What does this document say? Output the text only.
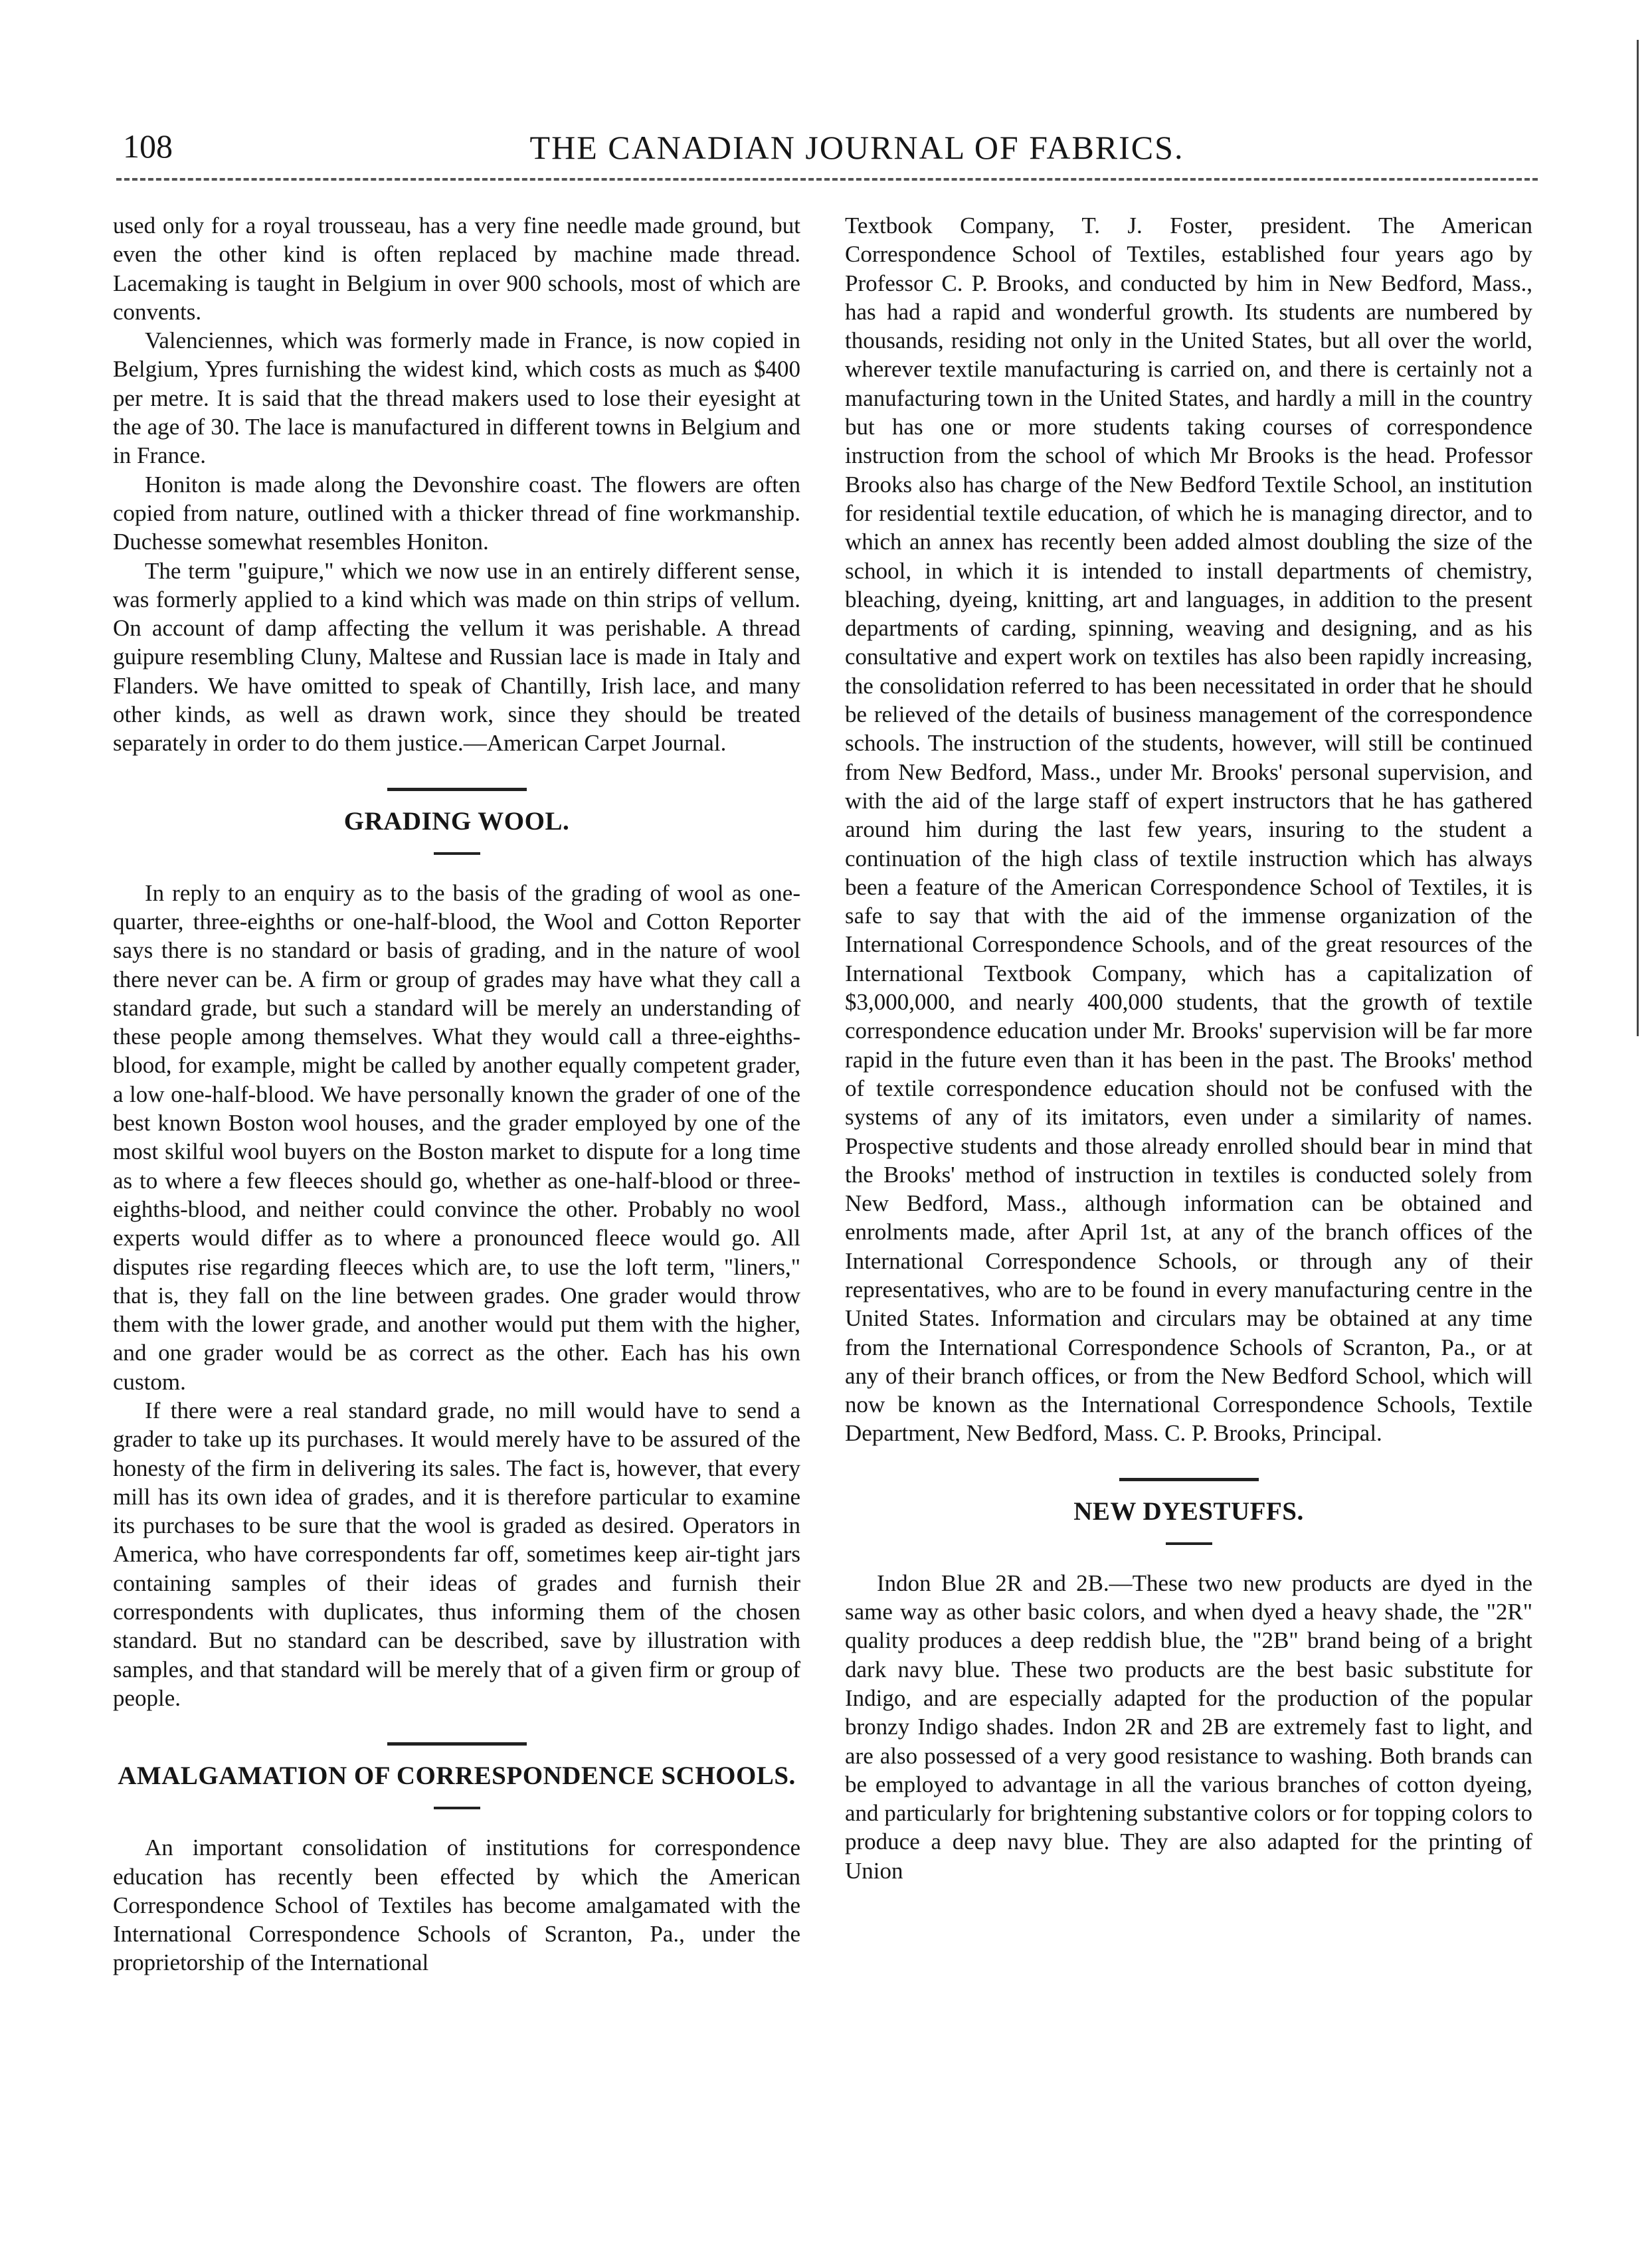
108	THE CANADIAN JOURNAL OF FABRICS.

used only for a royal trousseau, has a very fine needle made ground, but even the other kind is often replaced by machine made thread. Lacemaking is taught in Belgium in over 900 schools, most of which are convents.

Valenciennes, which was formerly made in France, is now copied in Belgium, Ypres furnishing the widest kind, which costs as much as $400 per metre. It is said that the thread makers used to lose their eyesight at the age of 30. The lace is manufactured in different towns in Belgium and in France.

Honiton is made along the Devonshire coast. The flowers are often copied from nature, outlined with a thicker thread of fine workmanship. Duchesse somewhat resembles Honiton.

The term "guipure," which we now use in an entirely different sense, was formerly applied to a kind which was made on thin strips of vellum. On account of damp affecting the vellum it was perishable. A thread guipure resembling Cluny, Maltese and Russian lace is made in Italy and Flanders. We have omitted to speak of Chantilly, Irish lace, and many other kinds, as well as drawn work, since they should be treated separately in order to do them justice.—American Carpet Journal.

GRADING WOOL.

In reply to an enquiry as to the basis of the grading of wool as one-quarter, three-eighths or one-half-blood, the Wool and Cotton Reporter says there is no standard or basis of grading, and in the nature of wool there never can be. A firm or group of grades may have what they call a standard grade, but such a standard will be merely an understanding of these people among themselves. What they would call a three-eighths-blood, for example, might be called by another equally competent grader, a low one-half-blood. We have personally known the grader of one of the best known Boston wool houses, and the grader employed by one of the most skilful wool buyers on the Boston market to dispute for a long time as to where a few fleeces should go, whether as one-half-blood or three-eighths-blood, and neither could convince the other. Probably no wool experts would differ as to where a pronounced fleece would go. All disputes rise regarding fleeces which are, to use the loft term, "liners," that is, they fall on the line between grades. One grader would throw them with the lower grade, and another would put them with the higher, and one grader would be as correct as the other. Each has his own custom.

If there were a real standard grade, no mill would have to send a grader to take up its purchases. It would merely have to be assured of the honesty of the firm in delivering its sales. The fact is, however, that every mill has its own idea of grades, and it is therefore particular to examine its purchases to be sure that the wool is graded as desired. Operators in America, who have correspondents far off, sometimes keep air-tight jars containing samples of their ideas of grades and furnish their correspondents with duplicates, thus informing them of the chosen standard. But no standard can be described, save by illustration with samples, and that standard will be merely that of a given firm or group of people.

AMALGAMATION OF CORRESPONDENCE SCHOOLS.

An important consolidation of institutions for correspondence education has recently been effected by which the American Correspondence School of Textiles has become amalgamated with the International Correspondence Schools of Scranton, Pa., under the proprietorship of the International

Textbook Company, T. J. Foster, president. The American Correspondence School of Textiles, established four years ago by Professor C. P. Brooks, and conducted by him in New Bedford, Mass., has had a rapid and wonderful growth. Its students are numbered by thousands, residing not only in the United States, but all over the world, wherever textile manufacturing is carried on, and there is certainly not a manufacturing town in the United States, and hardly a mill in the country but has one or more students taking courses of correspondence instruction from the school of which Mr Brooks is the head. Professor Brooks also has charge of the New Bedford Textile School, an institution for residential textile education, of which he is managing director, and to which an annex has recently been added almost doubling the size of the school, in which it is intended to install departments of chemistry, bleaching, dyeing, knitting, art and languages, in addition to the present departments of carding, spinning, weaving and designing, and as his consultative and expert work on textiles has also been rapidly increasing, the consolidation referred to has been necessitated in order that he should be relieved of the details of business management of the correspondence schools. The instruction of the students, however, will still be continued from New Bedford, Mass., under Mr. Brooks' personal supervision, and with the aid of the large staff of expert instructors that he has gathered around him during the last few years, insuring to the student a continuation of the high class of textile instruction which has always been a feature of the American Correspondence School of Textiles, it is safe to say that with the aid of the immense organization of the International Correspondence Schools, and of the great resources of the International Textbook Company, which has a capitalization of $3,000,000, and nearly 400,000 students, that the growth of textile correspondence education under Mr. Brooks' supervision will be far more rapid in the future even than it has been in the past. The Brooks' method of textile correspondence education should not be confused with the systems of any of its imitators, even under a similarity of names. Prospective students and those already enrolled should bear in mind that the Brooks' method of instruction in textiles is conducted solely from New Bedford, Mass., although information can be obtained and enrolments made, after April 1st, at any of the branch offices of the International Correspondence Schools, or through any of their representatives, who are to be found in every manufacturing centre in the United States. Information and circulars may be obtained at any time from the International Correspondence Schools of Scranton, Pa., or at any of their branch offices, or from the New Bedford School, which will now be known as the International Correspondence Schools, Textile Department, New Bedford, Mass. C. P. Brooks, Principal.

NEW DYESTUFFS.

Indon Blue 2R and 2B.—These two new products are dyed in the same way as other basic colors, and when dyed a heavy shade, the "2R" quality produces a deep reddish blue, the "2B" brand being of a bright dark navy blue. These two products are the best basic substitute for Indigo, and are especially adapted for the production of the popular bronzy Indigo shades. Indon 2R and 2B are extremely fast to light, and are also possessed of a very good resistance to washing. Both brands can be employed to advantage in all the various branches of cotton dyeing, and particularly for brightening substantive colors or for topping colors to produce a deep navy blue. They are also adapted for the printing of Union
